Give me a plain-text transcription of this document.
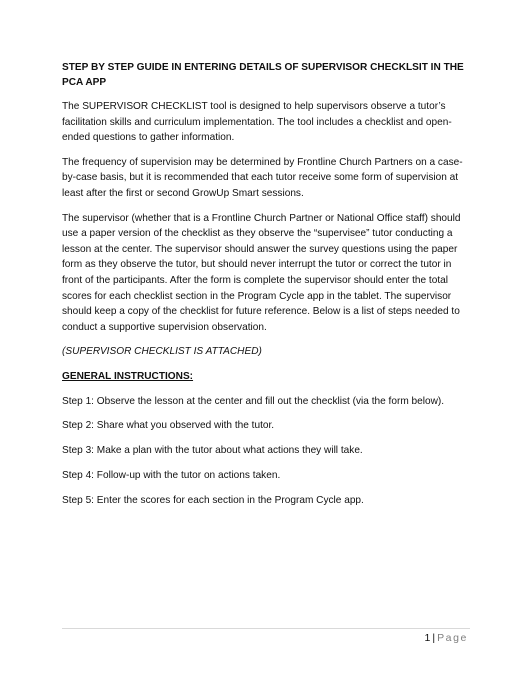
STEP BY STEP GUIDE IN ENTERING DETAILS OF SUPERVISOR CHECKLSIT IN THE PCA APP

The SUPERVISOR CHECKLIST tool is designed to help supervisors observe a tutor’s facilitation skills and curriculum implementation. The tool includes a checklist and open-ended questions to gather information.

The frequency of supervision may be determined by Frontline Church Partners on a case-by-case basis, but it is recommended that each tutor receive some form of supervision at least after the first or second GrowUp Smart sessions.

The supervisor (whether that is a Frontline Church Partner or National Office staff) should use a paper version of the checklist as they observe the “supervisee” tutor conducting a lesson at the center. The supervisor should answer the survey questions using the paper form as they observe the tutor, but should never interrupt the tutor or correct the tutor in front of the participants. After the form is complete the supervisor should enter the total scores for each checklist section in the Program Cycle app in the tablet. The supervisor should keep a copy of the checklist for future reference. Below is a list of steps needed to conduct a supportive supervision observation.

(SUPERVISOR CHECKLIST IS ATTACHED)

GENERAL INSTRUCTIONS:

Step 1: Observe the lesson at the center and fill out the checklist (via the form below).

Step 2: Share what you observed with the tutor.

Step 3: Make a plan with the tutor about what actions they will take.

Step 4: Follow-up with the tutor on actions taken.

Step 5: Enter the scores for each section in the Program Cycle app.

1 | Page
